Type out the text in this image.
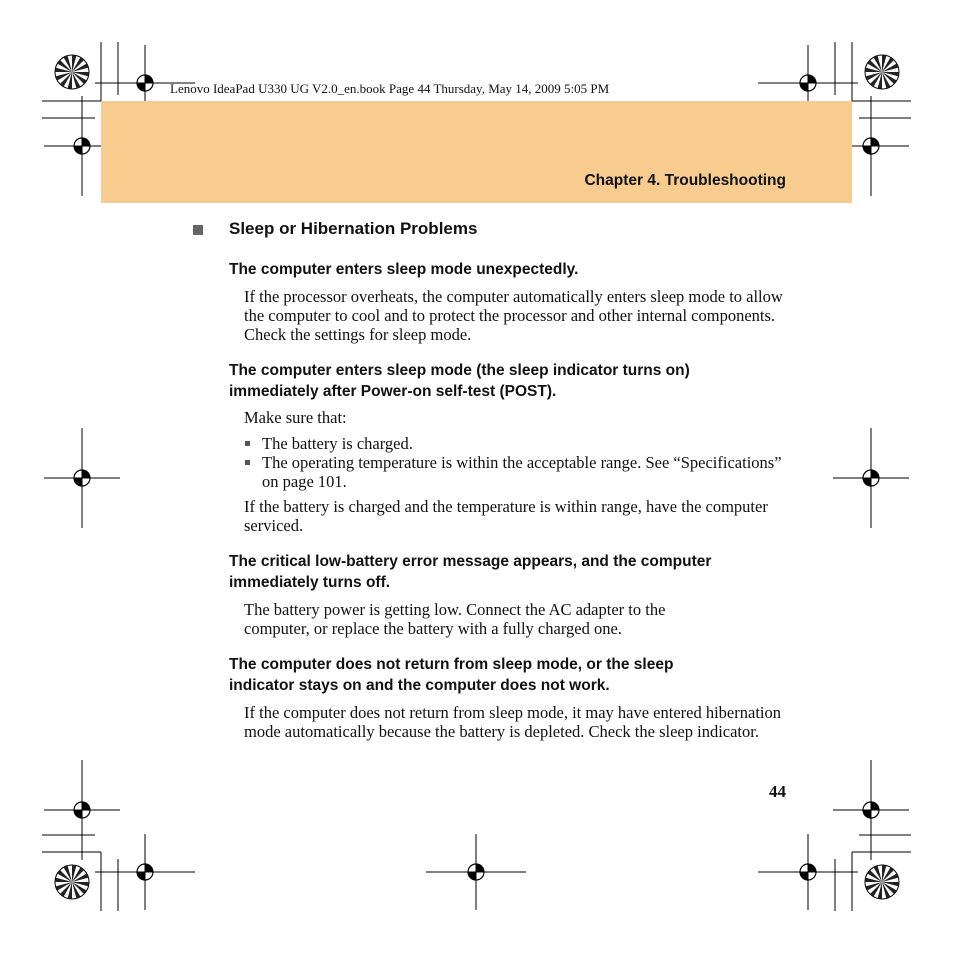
Lenovo IdeaPad U330 UG V2.0_en.book Page 44 Thursday, May 14, 2009 5:05 PM
Chapter 4. Troubleshooting
Sleep or Hibernation Problems
The computer enters sleep mode unexpectedly.
If the processor overheats, the computer automatically enters sleep mode to allow the computer to cool and to protect the processor and other internal components. Check the settings for sleep mode.
The computer enters sleep mode (the sleep indicator turns on) immediately after Power-on self-test (POST).
Make sure that:
The battery is charged.
The operating temperature is within the acceptable range. See “Specifications” on page 101.
If the battery is charged and the temperature is within range, have the computer serviced.
The critical low-battery error message appears, and the computer immediately turns off.
The battery power is getting low. Connect the AC adapter to the computer, or replace the battery with a fully charged one.
The computer does not return from sleep mode, or the sleep indicator stays on and the computer does not work.
If the computer does not return from sleep mode, it may have entered hibernation mode automatically because the battery is depleted. Check the sleep indicator.
44
